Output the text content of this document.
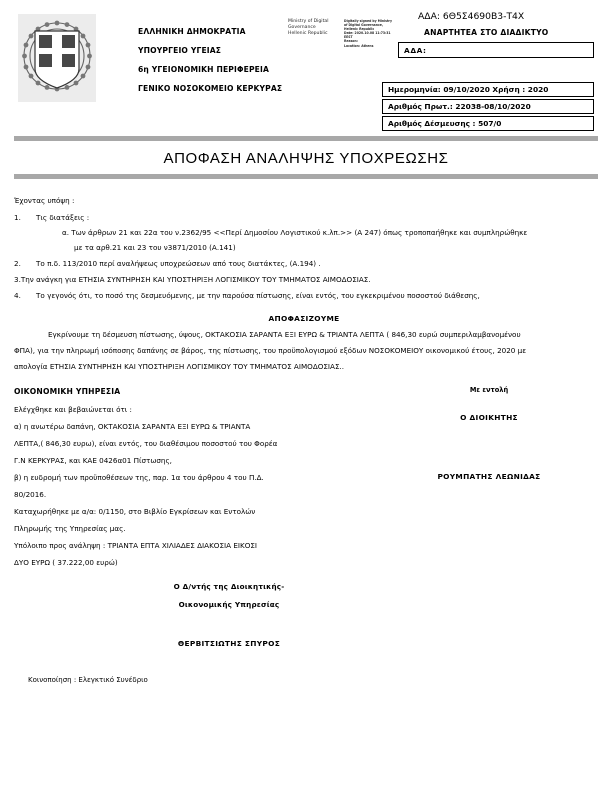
ΕΛΛΗΝΙΚΗ ΔΗΜΟΚΡΑΤΙΑ
ΥΠΟΥΡΓΕΙΟ ΥΓΕΙΑΣ
6η ΥΓΕΙΟΝΟΜΙΚΗ ΠΕΡΙΦΕΡΕΙΑ
ΓΕΝΙΚΟ ΝΟΣΟΚΟΜΕΙΟ ΚΕΡΚΥΡΑΣ
Ministry of Digital
Governance
Hellenic Republic
Digitally signed by Ministry
of Digital Governance,
Hellenic Republic
Date: 2020.10.08 11:73:31
EEST
Reason:
Location: Athens
ΑΔΑ: 6Θ5Σ4690Β3-Τ4Χ
ΑΝΑΡΤΗΤΕΑ ΣΤΟ ΔΙΑΔΙΚΤΥΟ
ΑΔΑ:
Ημερομηνία: 09/10/2020 Χρήση : 2020
Αριθμός Πρωτ.: 22038-08/10/2020
Αριθμός Δέσμευσης : 507/0
ΑΠΟΦΑΣΗ ΑΝΑΛΗΨΗΣ ΥΠΟΧΡΕΩΣΗΣ
Έχοντας υπόψη :
1.	Τις διατάξεις :
α. Των άρθρων 21 και 22α του ν.2362/95 <<Περί Δημοσίου Λογιστικού κ.λπ.>> (Α 247) όπως τροποπαήθηκε και συμπληρώθηκε
με τα αρθ.21 και 23 του ν3871/2010 (Α.141)
2.	Το π.δ. 113/2010 περί αναλήψεως υποχρεώσεων από τους διατάκτες, (Α.194) .
3.Την ανάγκη για ΕΤΗΣΙΑ ΣΥΝΤΗΡΗΣΗ ΚΑΙ ΥΠΟΣΤΗΡΙΞΗ ΛΟΓΙΣΜΙΚΟΥ ΤΟΥ ΤΜΗΜΑΤΟΣ ΑΙΜΟΔΟΣΙΑΣ.
4.	Το γεγονός ότι, το ποσό της δεσμευόμενης, με την παρούσα πίστωσης, είναι εντός, του εγκεκριμένου ποσοστού διάθεσης,
ΑΠΟΦΑΣΙΖΟΥΜΕ
Εγκρίνουμε τη δέσμευση πίστωσης, ύψους, ΟΚΤΑΚΟΣΙΑ ΣΑΡΑΝΤΑ ΕΞΙ ΕΥΡΩ & ΤΡΙΑΝΤΑ ΛΕΠΤΑ ( 846,30 ευρώ συμπεριλαμβανομένου
ΦΠΑ), για την πληρωμή ισόποσης δαπάνης σε βάρος, της πίστωσης, του προϋπολογισμού εξόδων ΝΟΣΟΚΟΜΕΙΟΥ οικονομικού έτους, 2020 με
απολογία ΕΤΗΣΙΑ ΣΥΝΤΗΡΗΣΗ ΚΑΙ ΥΠΟΣΤΗΡΙΞΗ ΛΟΓΙΣΜΙΚΟΥ ΤΟΥ ΤΜΗΜΑΤΟΣ ΑΙΜΟΔΟΣΙΑΣ..
ΟΙΚΟΝΟΜΙΚΗ ΥΠΗΡΕΣΙΑ
Ελέγχθηκε και βεβαιώνεται ότι :
α) η ανωτέρω δαπάνη, ΟΚΤΑΚΟΣΙΑ ΣΑΡΑΝΤΑ ΕΞΙ ΕΥΡΩ & ΤΡΙΑΝΤΑ
ΛΕΠΤΑ,( 846,30 ευρω), είναι εντός, του διαθέσιμου ποσοστού του Φορέα
Γ.Ν ΚΕΡΚΥΡΑΣ, και ΚΑΕ 0426α01 Πίστωσης,
β) η ευδρομή των προϋποθέσεων της, παρ. 1α του άρθρου 4 του Π.Δ.
80/2016.
Καταχωρήθηκε με α/α: 0/1150, στο Βιβλίο Εγκρίσεων και Εντολών
Πληρωμής της Υπηρεσίας μας.
Υπόλοιπο προς ανάληψη : ΤΡΙΑΝΤΑ ΕΠΤΑ ΧΙΛΙΑΔΕΣ ΔΙΑΚΟΣΙΑ ΕΙΚΟΣΙ
ΔΥΟ ΕΥΡΩ ( 37.222,00 ευρώ)
Με εντολή
Ο ΔΙΟΙΚΗΤΗΣ
ΡΟΥΜΠΑΤΗΣ ΛΕΩΝΙΔΑΣ
Ο Δ/ντής της Διοικητικής-
Οικονομικής Υπηρεσίας
ΘΕΡΒΙΤΣΙΩΤΗΣ ΣΠΥΡΟΣ
Κοινοποίηση : Ελεγκτικό Συνέδριο
